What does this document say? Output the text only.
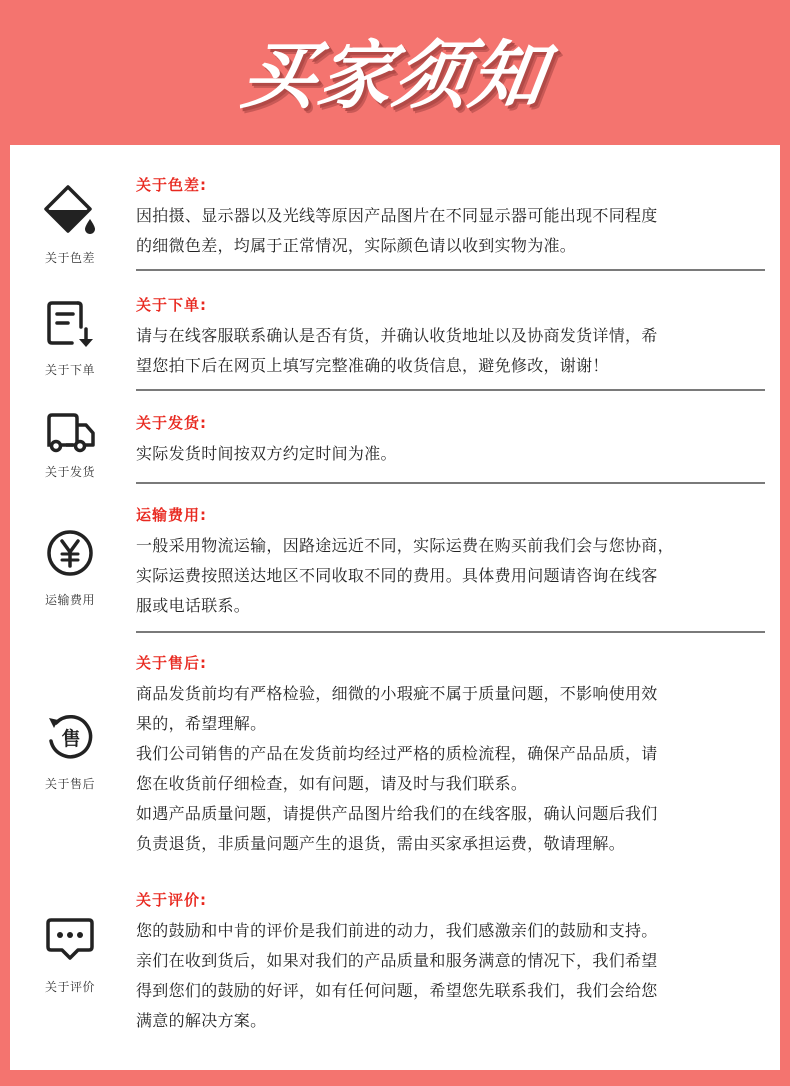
买家须知
关于色差
关于色差:

因拍摄、显示器以及光线等原因产品图片在不同显示器可能出现不同程度

的细微色差，均属于正常情况，实际颜色请以收到实物为准。

关于下单
关于下单:

请与在线客服联系确认是否有货，并确认收货地址以及协商发货详情，希

望您拍下后在网页上填写完整准确的收货信息，避免修改，谢谢！

关于发货
关于发货:

实际发货时间按双方约定时间为准。

运输费用
运输费用:

一般采用物流运输，因路途远近不同，实际运费在购买前我们会与您协商，

实际运费按照送达地区不同收取不同的费用。具体费用问题请咨询在线客

服或电话联系。

售
关于售后
关于售后:

商品发货前均有严格检验，细微的小瑕疵不属于质量问题，不影响使用效

果的，希望理解。

我们公司销售的产品在发货前均经过严格的质检流程，确保产品品质，请

您在收货前仔细检查，如有问题，请及时与我们联系。

如遇产品质量问题，请提供产品图片给我们的在线客服，确认问题后我们

负责退货，非质量问题产生的退货，需由买家承担运费，敬请理解。

关于评价
关于评价:

您的鼓励和中肯的评价是我们前进的动力，我们感激亲们的鼓励和支持。

亲们在收到货后，如果对我们的产品质量和服务满意的情况下，我们希望

得到您们的鼓励的好评，如有任何问题，希望您先联系我们，我们会给您

满意的解决方案。
